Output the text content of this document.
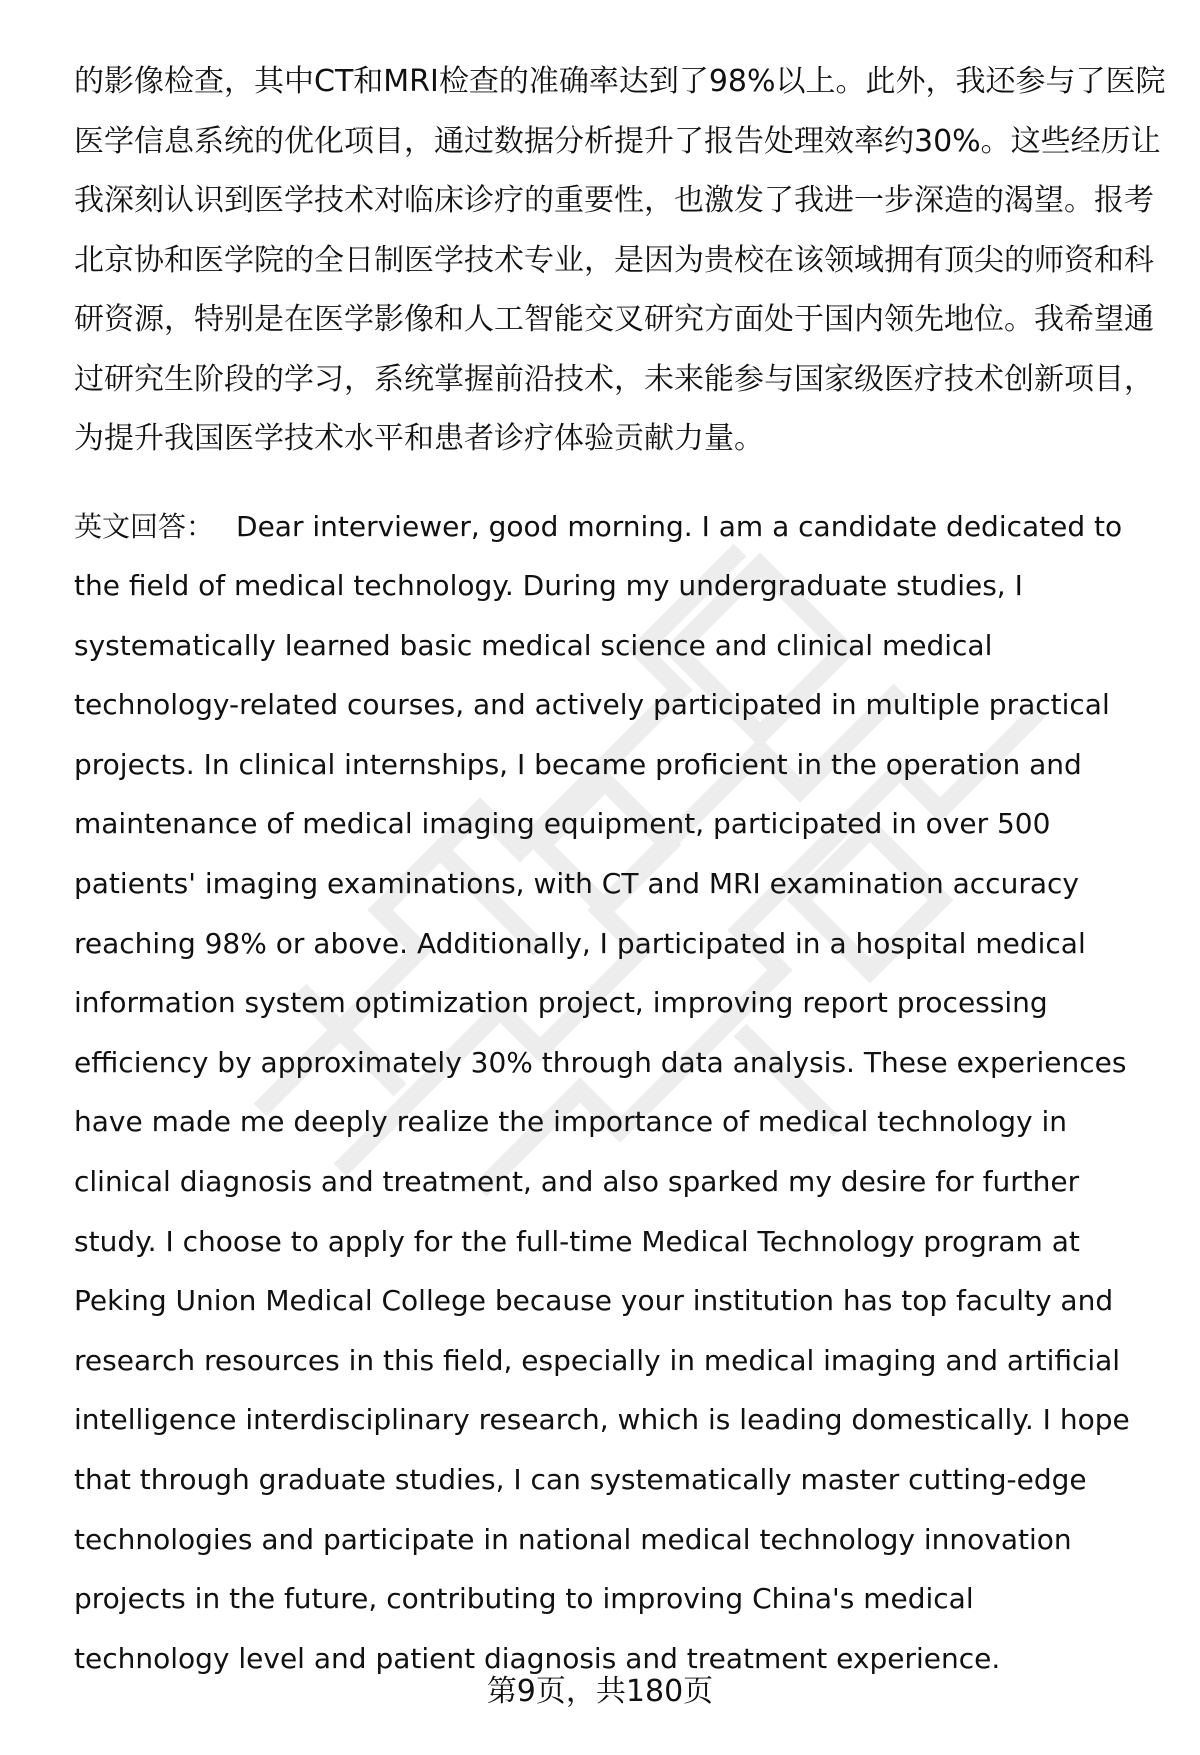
的影像检查，其中CT和MRI检查的准确率达到了98%以上。此外，我还参与了医院
医学信息系统的优化项目，通过数据分析提升了报告处理效率约30%。这些经历让
我深刻认识到医学技术对临床诊疗的重要性，也激发了我进一步深造的渴望。报考
北京协和医学院的全日制医学技术专业，是因为贵校在该领域拥有顶尖的师资和科
研资源，特别是在医学影像和人工智能交叉研究方面处于国内领先地位。我希望通
过研究生阶段的学习，系统掌握前沿技术，未来能参与国家级医疗技术创新项目，
为提升我国医学技术水平和患者诊疗体验贡献力量。

英文回答： Dear interviewer, good morning. I am a candidate dedicated to
the field of medical technology. During my undergraduate studies, I
systematically learned basic medical science and clinical medical
technology-related courses, and actively participated in multiple practical
projects. In clinical internships, I became proficient in the operation and
maintenance of medical imaging equipment, participated in over 500
patients' imaging examinations, with CT and MRI examination accuracy
reaching 98% or above. Additionally, I participated in a hospital medical
information system optimization project, improving report processing
efficiency by approximately 30% through data analysis. These experiences
have made me deeply realize the importance of medical technology in
clinical diagnosis and treatment, and also sparked my desire for further
study. I choose to apply for the full-time Medical Technology program at
Peking Union Medical College because your institution has top faculty and
research resources in this field, especially in medical imaging and artificial
intelligence interdisciplinary research, which is leading domestically. I hope
that through graduate studies, I can systematically master cutting-edge
technologies and participate in national medical technology innovation
projects in the future, contributing to improving China's medical
technology level and patient diagnosis and treatment experience.

第9页，共180页
